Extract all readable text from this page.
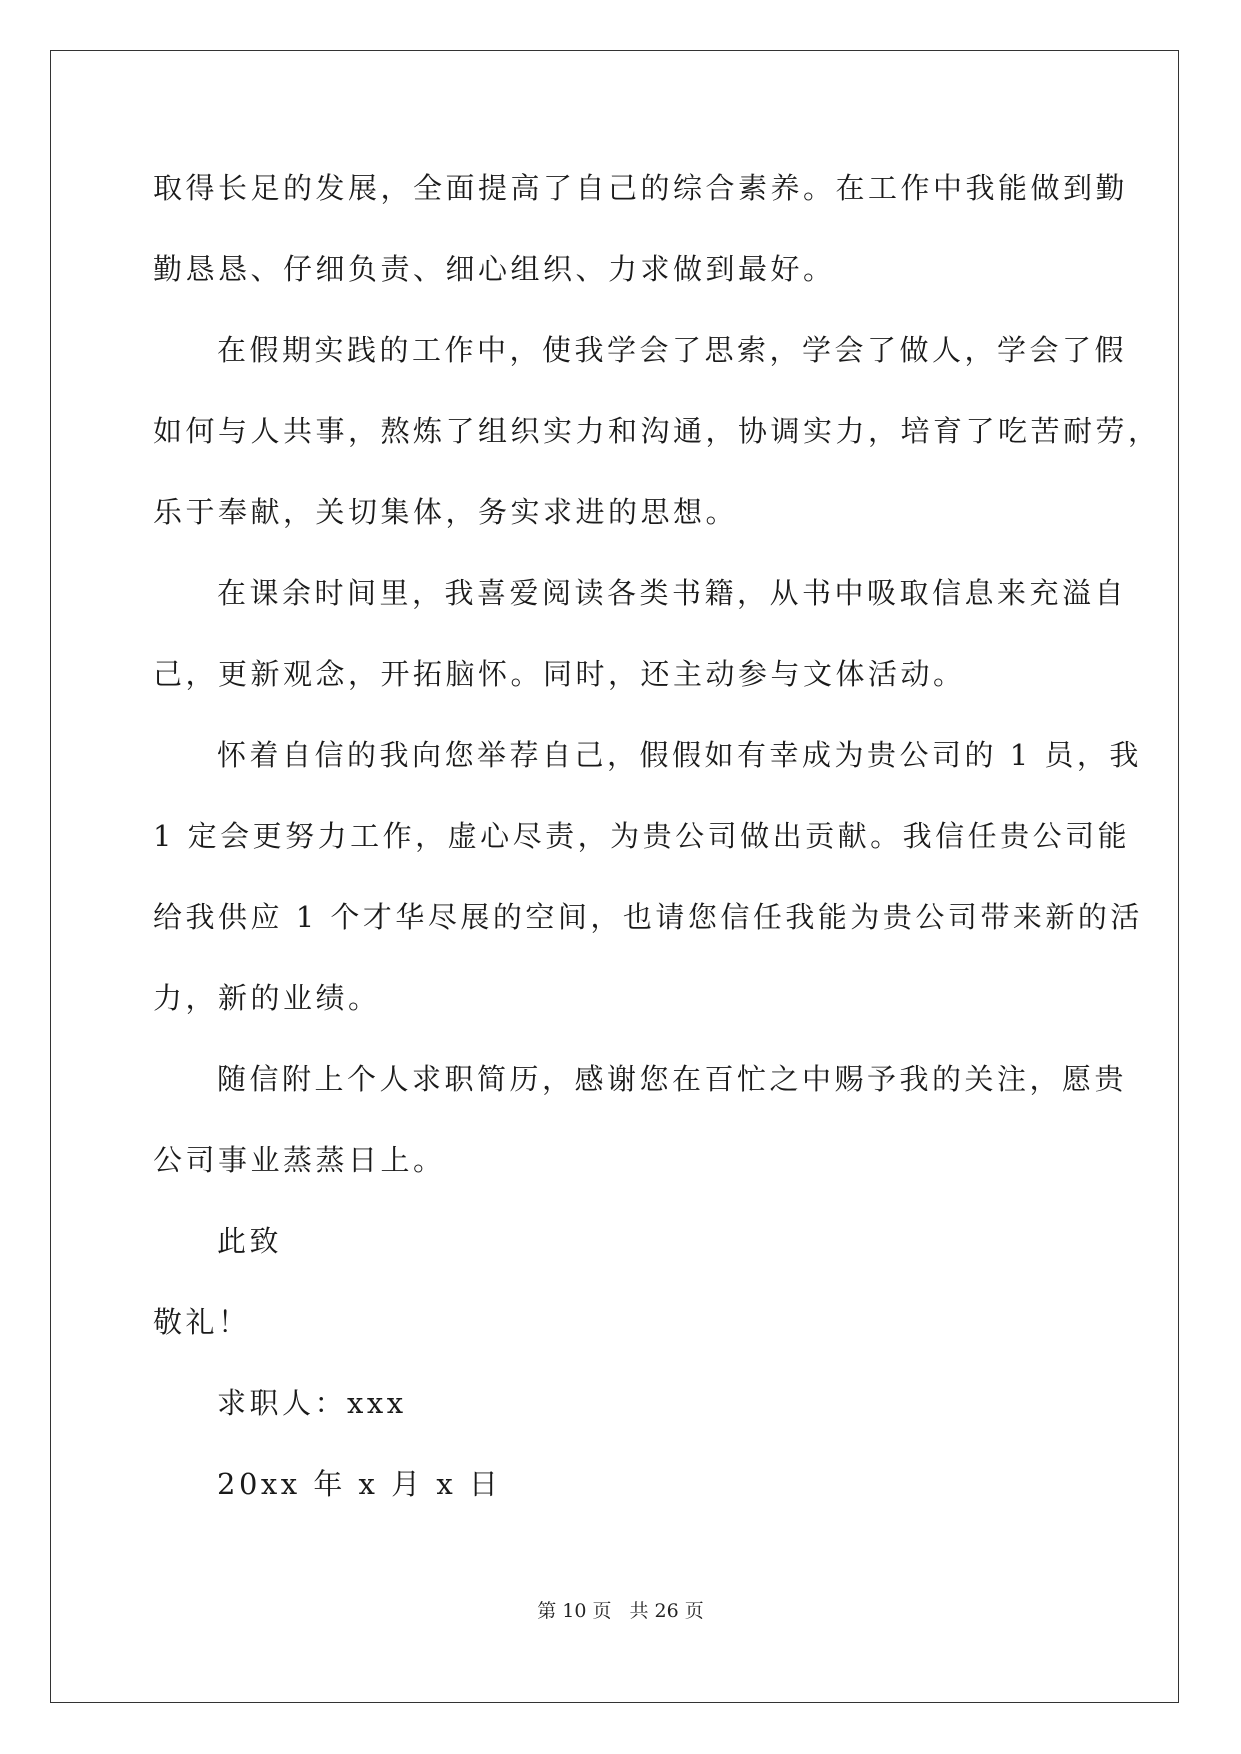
取得长足的发展，全面提高了自己的综合素养。在工作中我能做到勤
勤恳恳、仔细负责、细心组织、力求做到最好。
在假期实践的工作中，使我学会了思索，学会了做人，学会了假
如何与人共事，熬炼了组织实力和沟通，协调实力，培育了吃苦耐劳，
乐于奉献，关切集体，务实求进的思想。
在课余时间里，我喜爱阅读各类书籍，从书中吸取信息来充溢自
己，更新观念，开拓脑怀。同时，还主动参与文体活动。
怀着自信的我向您举荐自己，假假如有幸成为贵公司的 1 员，我
1 定会更努力工作，虚心尽责，为贵公司做出贡献。我信任贵公司能
给我供应 1 个才华尽展的空间，也请您信任我能为贵公司带来新的活
力，新的业绩。
随信附上个人求职简历，感谢您在百忙之中赐予我的关注，愿贵
公司事业蒸蒸日上。
此致
敬礼！
求职人：xxx
20xx 年 x 月 x 日
第 10 页 共 26 页
